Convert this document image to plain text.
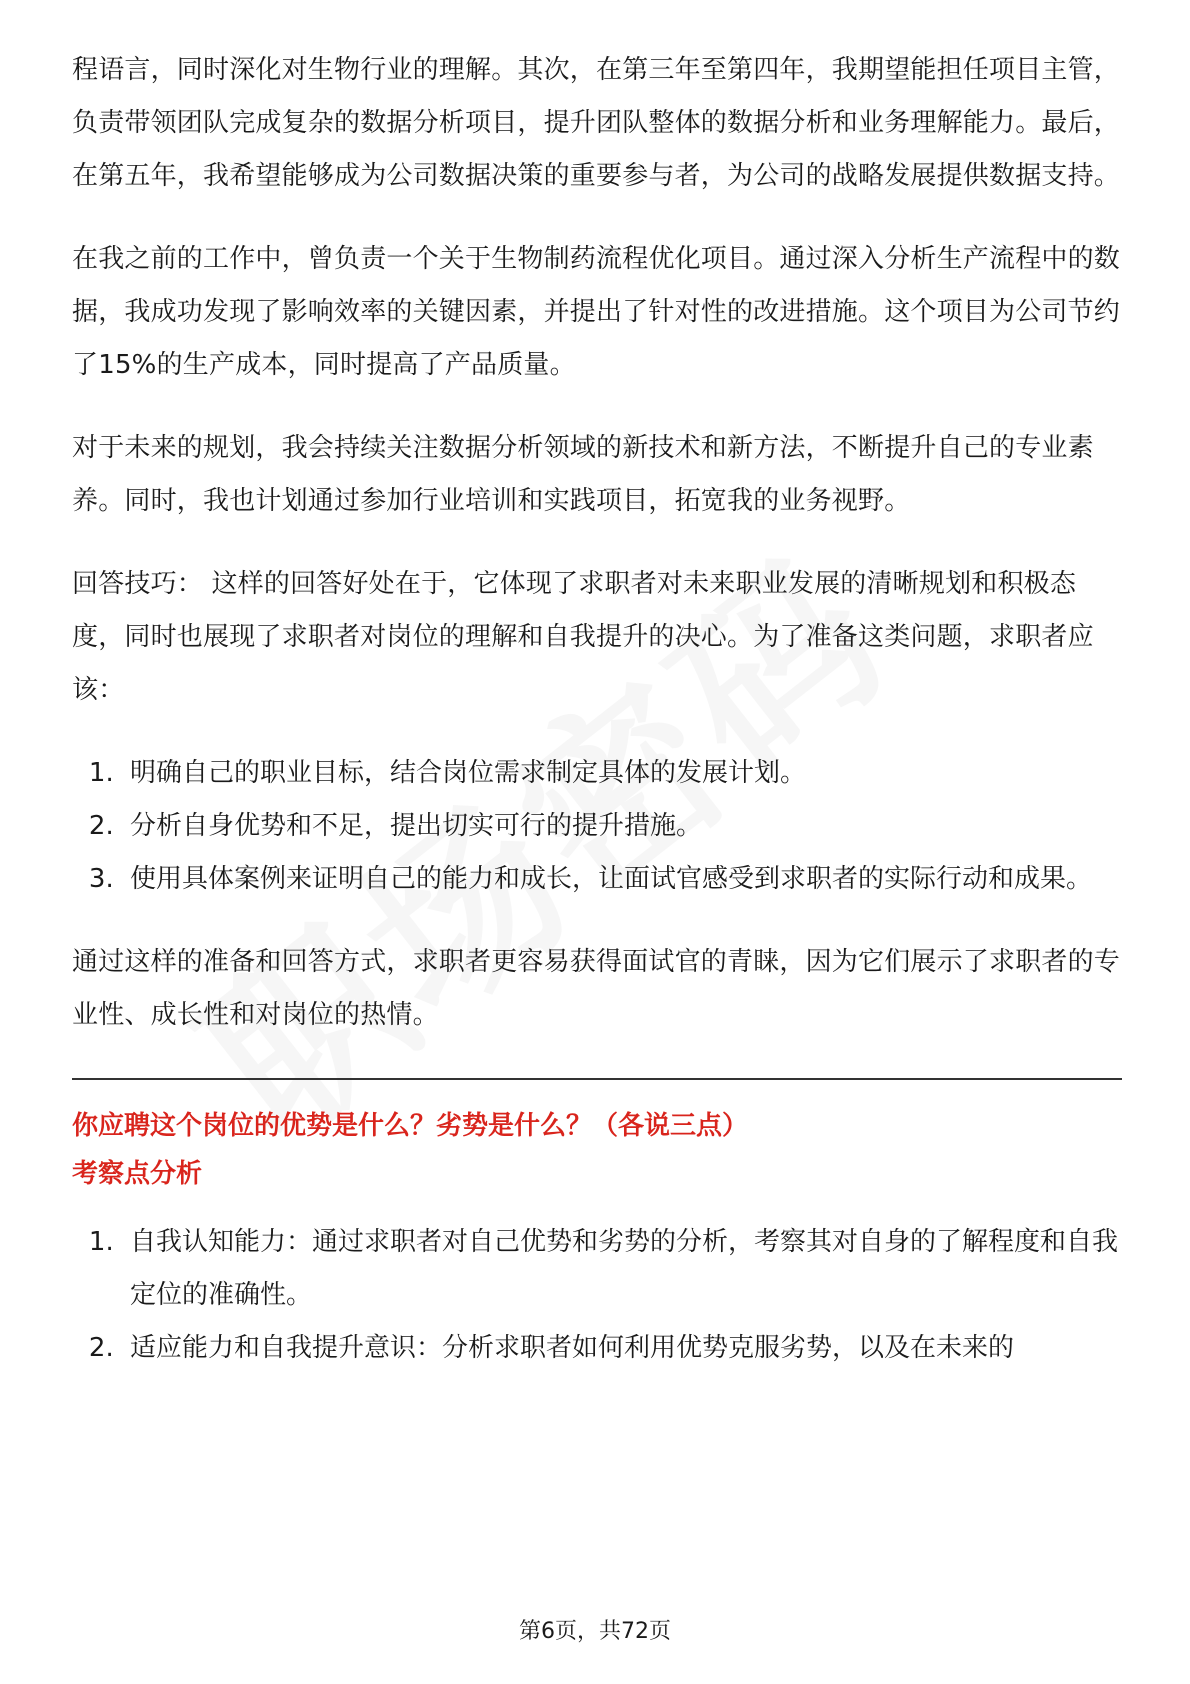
程语言，同时深化对生物行业的理解。其次，在第三年至第四年，我期望能担任项目主管，负责带领团队完成复杂的数据分析项目，提升团队整体的数据分析和业务理解能力。最后，在第五年，我希望能够成为公司数据决策的重要参与者，为公司的战略发展提供数据支持。

在我之前的工作中，曾负责一个关于生物制药流程优化项目。通过深入分析生产流程中的数据，我成功发现了影响效率的关键因素，并提出了针对性的改进措施。这个项目为公司节约了15%的生产成本，同时提高了产品质量。

对于未来的规划，我会持续关注数据分析领域的新技术和新方法，不断提升自己的专业素养。同时，我也计划通过参加行业培训和实践项目，拓宽我的业务视野。

回答技巧： 这样的回答好处在于，它体现了求职者对未来职业发展的清晰规划和积极态度，同时也展现了求职者对岗位的理解和自我提升的决心。为了准备这类问题，求职者应该：

1. 明确自己的职业目标，结合岗位需求制定具体的发展计划。
2. 分析自身优势和不足，提出切实可行的提升措施。
3. 使用具体案例来证明自己的能力和成长，让面试官感受到求职者的实际行动和成果。

通过这样的准备和回答方式，求职者更容易获得面试官的青睐，因为它们展示了求职者的专业性、成长性和对岗位的热情。

你应聘这个岗位的优势是什么？劣势是什么？（各说三点）

考察点分析

1. 自我认知能力：通过求职者对自己优势和劣势的分析，考察其对自身的了解程度和自我定位的准确性。
2. 适应能力和自我提升意识：分析求职者如何利用优势克服劣势，以及在未来的
第6页，共72页
